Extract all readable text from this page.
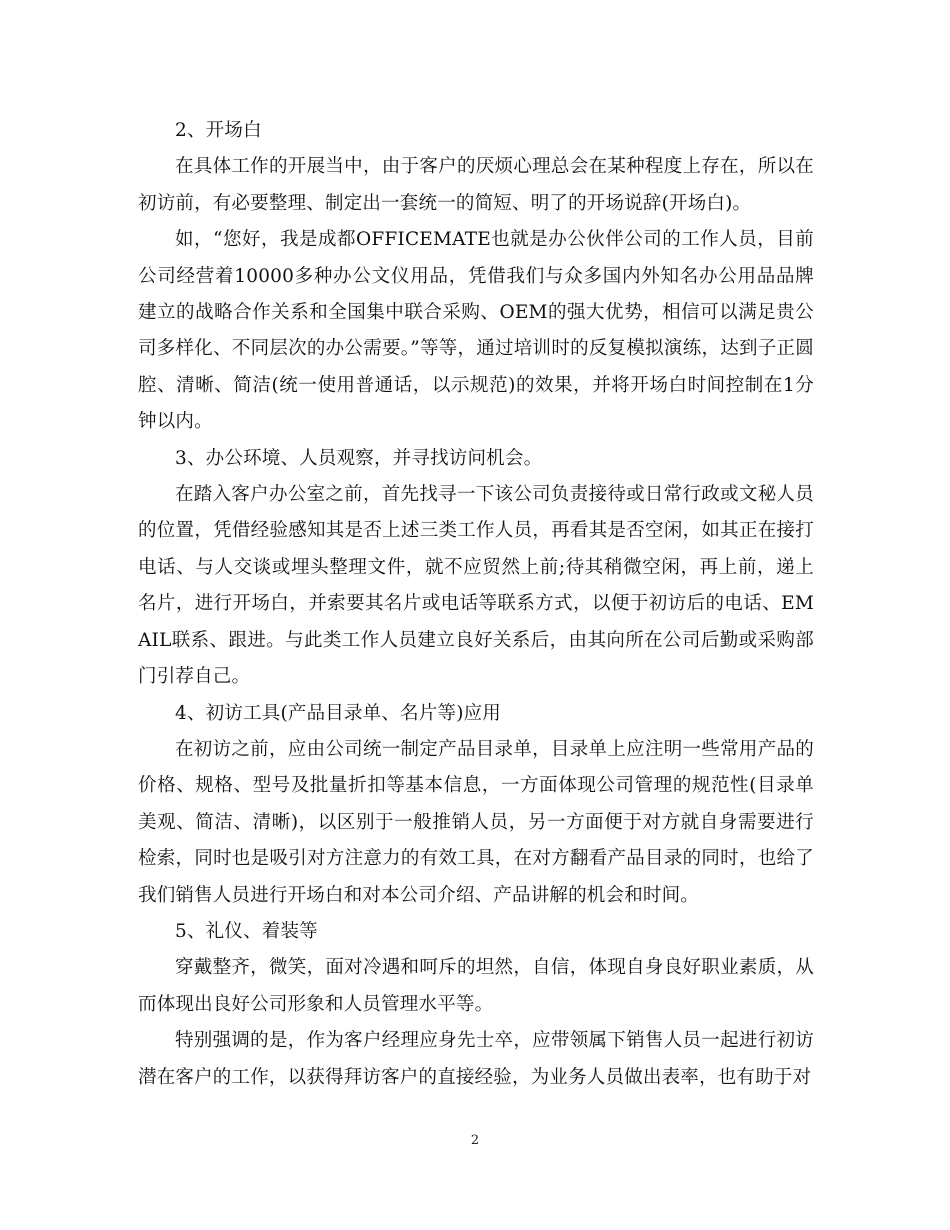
2、开场白

在具体工作的开展当中，由于客户的厌烦心理总会在某种程度上存在，所以在初访前，有必要整理、制定出一套统一的简短、明了的开场说辞(开场白)。

如，“您好，我是成都OFFICEMATE也就是办公伙伴公司的工作人员，目前公司经营着10000多种办公文仪用品，凭借我们与众多国内外知名办公用品品牌建立的战略合作关系和全国集中联合采购、OEM的强大优势，相信可以满足贵公司多样化、不同层次的办公需要。”等等，通过培训时的反复模拟演练，达到子正圆腔、清晰、简洁(统一使用普通话，以示规范)的效果，并将开场白时间控制在1分钟以内。

3、办公环境、人员观察，并寻找访问机会。

在踏入客户办公室之前，首先找寻一下该公司负责接待或日常行政或文秘人员的位置，凭借经验感知其是否上述三类工作人员，再看其是否空闲，如其正在接打电话、与人交谈或埋头整理文件，就不应贸然上前;待其稍微空闲，再上前，递上名片，进行开场白，并索要其名片或电话等联系方式，以便于初访后的电话、EMAIL联系、跟进。与此类工作人员建立良好关系后，由其向所在公司后勤或采购部门引荐自己。

4、初访工具(产品目录单、名片等)应用

在初访之前，应由公司统一制定产品目录单，目录单上应注明一些常用产品的价格、规格、型号及批量折扣等基本信息，一方面体现公司管理的规范性(目录单美观、简洁、清晰)，以区别于一般推销人员，另一方面便于对方就自身需要进行检索，同时也是吸引对方注意力的有效工具，在对方翻看产品目录的同时，也给了我们销售人员进行开场白和对本公司介绍、产品讲解的机会和时间。

5、礼仪、着装等

穿戴整齐，微笑，面对冷遇和呵斥的坦然，自信，体现自身良好职业素质，从而体现出良好公司形象和人员管理水平等。

特别强调的是，作为客户经理应身先士卒，应带领属下销售人员一起进行初访潜在客户的工作，以获得拜访客户的直接经验，为业务人员做出表率，也有助于对

2
